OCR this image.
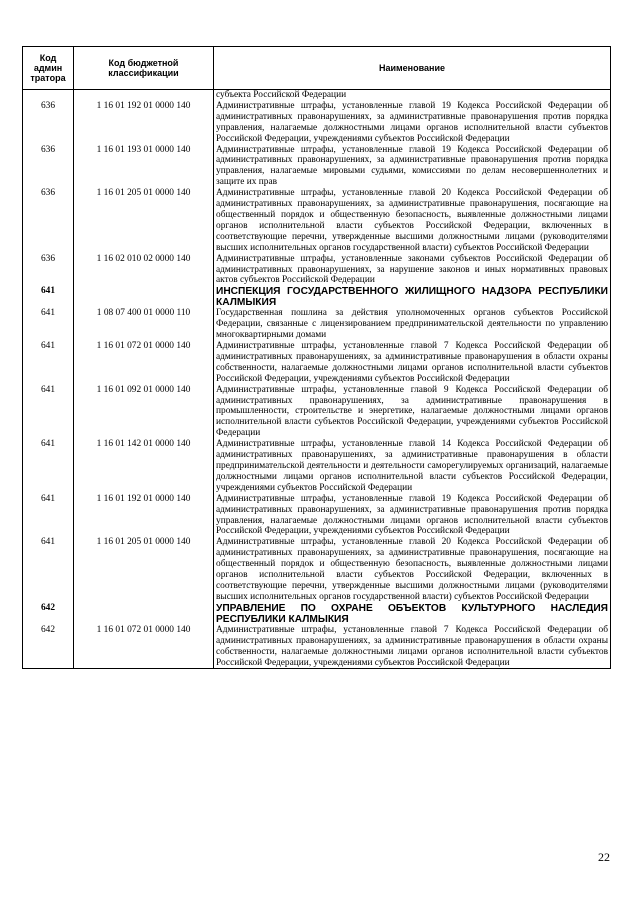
Код
админ
тратора	Код бюджетной классификации	Наименование
		субъекта Российской Федерации
636	1 16 01 192 01 0000 140	Административные штрафы, установленные главой 19 Кодекса Российской Федерации об административных правонарушениях, за административные правонарушения против порядка управления, налагаемые должностными лицами органов исполнительной власти субъектов Российской Федерации, учреждениями субъектов Российской Федерации
636	1 16 01 193 01 0000 140	Административные штрафы, установленные главой 19 Кодекса Российской Федерации об административных правонарушениях, за административные правонарушения против порядка управления, налагаемые мировыми судьями, комиссиями по делам несовершеннолетних и защите их прав
636	1 16 01 205 01 0000 140	Административные штрафы, установленные главой 20 Кодекса Российской Федерации об административных правонарушениях, за административные правонарушения, посягающие на общественный порядок и общественную безопасность, выявленные должностными лицами органов исполнительной власти субъектов Российской Федерации, включенных в соответствующие перечни, утвержденные высшими должностными лицами (руководителями высших исполнительных органов государственной власти) субъектов Российской Федерации
636	1 16 02 010 02 0000 140	Административные штрафы, установленные законами субъектов Российской Федерации об административных правонарушениях, за нарушение законов и иных нормативных правовых актов субъектов Российской Федерации
641		ИНСПЕКЦИЯ ГОСУДАРСТВЕННОГО ЖИЛИЩНОГО НАДЗОРА РЕСПУБЛИКИ КАЛМЫКИЯ
641	1 08 07 400 01 0000 110	Государственная пошлина за действия уполномоченных органов субъектов Российской Федерации, связанные с лицензированием предпринимательской деятельности по управлению многоквартирными домами
641	1 16 01 072 01 0000 140	Административные штрафы, установленные главой 7 Кодекса Российской Федерации об административных правонарушениях, за административные правонарушения в области охраны собственности, налагаемые должностными лицами органов исполнительной власти субъектов Российской Федерации, учреждениями субъектов Российской Федерации
641	1 16 01 092 01 0000 140	Административные штрафы, установленные главой 9 Кодекса Российской Федерации об административных правонарушениях, за административные правонарушения в промышленности, строительстве и энергетике, налагаемые должностными лицами органов исполнительной власти субъектов Российской Федерации, учреждениями субъектов Российской Федерации
641	1 16 01 142 01 0000 140	Административные штрафы, установленные главой 14 Кодекса Российской Федерации об административных правонарушениях, за административные правонарушения в области предпринимательской деятельности и деятельности саморегулируемых организаций, налагаемые должностными лицами органов исполнительной власти субъектов Российской Федерации, учреждениями субъектов Российской Федерации
641	1 16 01 192 01 0000 140	Административные штрафы, установленные главой 19 Кодекса Российской Федерации об административных правонарушениях, за административные правонарушения против порядка управления, налагаемые должностными лицами органов исполнительной власти субъектов Российской Федерации, учреждениями субъектов Российской Федерации
641	1 16 01 205 01 0000 140	Административные штрафы, установленные главой 20 Кодекса Российской Федерации об административных правонарушениях, за административные правонарушения, посягающие на общественный порядок и общественную безопасность, выявленные должностными лицами органов исполнительной власти субъектов Российской Федерации, включенных в соответствующие перечни, утвержденные высшими должностными лицами (руководителями высших исполнительных органов государственной власти) субъектов Российской Федерации
642		УПРАВЛЕНИЕ ПО ОХРАНЕ ОБЪЕКТОВ КУЛЬТУРНОГО НАСЛЕДИЯ РЕСПУБЛИКИ КАЛМЫКИЯ
642	1 16 01 072 01 0000 140	Административные штрафы, установленные главой 7 Кодекса Российской Федерации об административных правонарушениях, за административные правонарушения в области охраны собственности, налагаемые должностными лицами органов исполнительной власти субъектов Российской Федерации, учреждениями субъектов Российской Федерации
22
